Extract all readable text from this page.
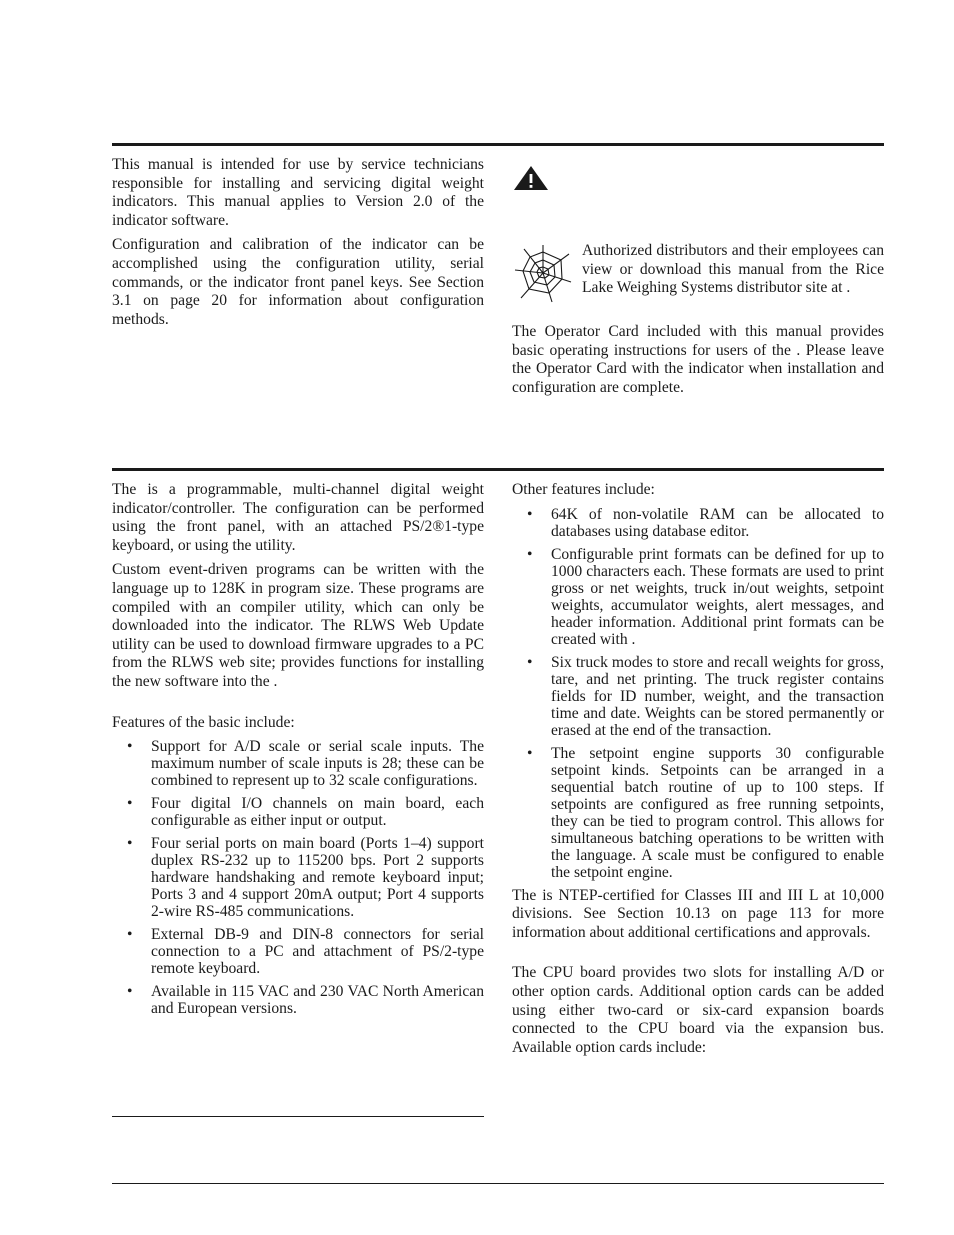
This manual is intended for use by service technicians responsible for installing and servicing digital weight indicators. This manual applies to Version 2.0 of the indicator software.

Configuration and calibration of the indicator can be accomplished using the configuration utility, serial commands, or the indicator front panel keys. See Section 3.1 on page 20 for information about configuration methods.

Authorized distributors and their employees can view or download this manual from the Rice Lake Weighing Systems distributor site at .

The Operator Card included with this manual provides basic operating instructions for users of the . Please leave the Operator Card with the indicator when installation and configuration are complete.

The is a programmable, multi-channel digital weight indicator/controller. The configuration can be performed using the front panel, with an attached PS/2®1-type keyboard, or using the utility.

Custom event-driven programs can be written with the language up to 128K in program size. These programs are compiled with an compiler utility, which can only be downloaded into the indicator. The RLWS Web Update utility can be used to download firmware upgrades to a PC from the RLWS web site; provides functions for installing the new software into the .

Features of the basic include:

• Support for A/D scale or serial scale inputs. The maximum number of scale inputs is 28; these can be combined to represent up to 32 scale configurations.
• Four digital I/O channels on main board, each configurable as either input or output.
• Four serial ports on main board (Ports 1–4) support duplex RS-232 up to 115200 bps. Port 2 supports hardware handshaking and remote keyboard input; Ports 3 and 4 support 20mA output; Port 4 supports 2-wire RS-485 communications.
• External DB-9 and DIN-8 connectors for serial connection to a PC and attachment of PS/2-type remote keyboard.
• Available in 115 VAC and 230 VAC North American and European versions.

Other features include:

• 64K of non-volatile RAM can be allocated to databases using database editor.
• Configurable print formats can be defined for up to 1000 characters each. These formats are used to print gross or net weights, truck in/out weights, setpoint weights, accumulator weights, alert messages, and header information. Additional print formats can be created with .
• Six truck modes to store and recall weights for gross, tare, and net printing. The truck register contains fields for ID number, weight, and the transaction time and date. Weights can be stored permanently or erased at the end of the transaction.
• The setpoint engine supports 30 configurable setpoint kinds. Setpoints can be arranged in a sequential batch routine of up to 100 steps. If setpoints are configured as free running setpoints, they can be tied to program control. This allows for simultaneous batching operations to be written with the language. A scale must be configured to enable the setpoint engine.

The is NTEP-certified for Classes III and III L at 10,000 divisions. See Section 10.13 on page 113 for more information about additional certifications and approvals.

The CPU board provides two slots for installing A/D or other option cards. Additional option cards can be added using either two-card or six-card expansion boards connected to the CPU board via the expansion bus. Available option cards include:
